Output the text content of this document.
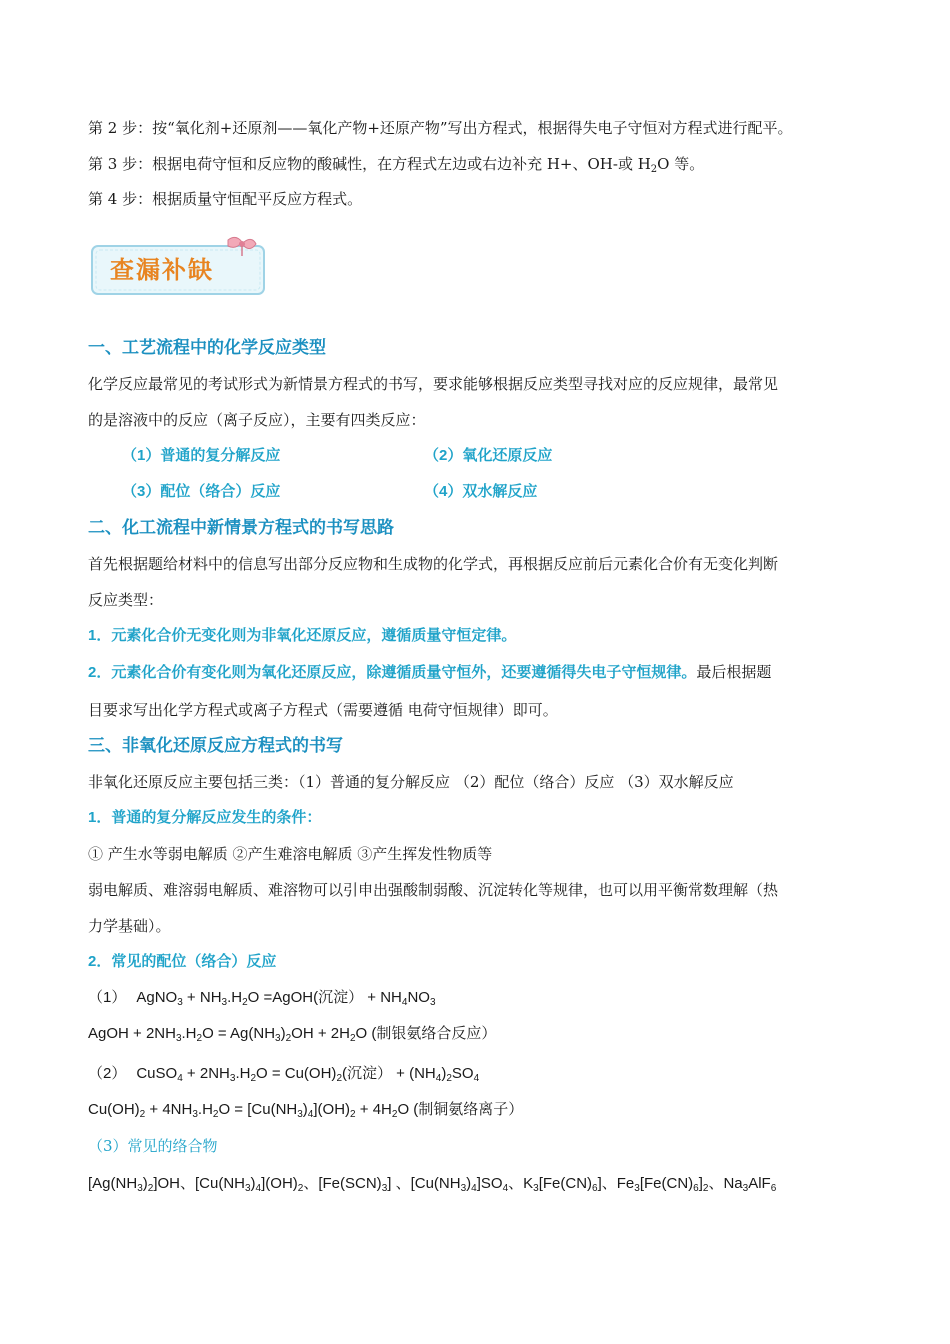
第 2 步：按“氧化剂+还原剂——氧化产物+还原产物”写出方程式，根据得失电子守恒对方程式进行配平。
第 3 步：根据电荷守恒和反应物的酸碱性，在方程式左边或右边补充 H+、OH-或 $H_2O$ 等。
第 4 步：根据质量守恒配平反应方程式。
查漏补缺
一、工艺流程中的化学反应类型
化学反应最常见的考试形式为新情景方程式的书写，要求能够根据反应类型寻找对应的反应规律，最常见
的是溶液中的反应（离子反应），主要有四类反应：
（1）普通的复分解反应	（2）氧化还原反应
（3）配位（络合）反应	（4）双水解反应
二、化工流程中新情景方程式的书写思路
首先根据题给材料中的信息写出部分反应物和生成物的化学式，再根据反应前后元素化合价有无变化判断
反应类型：
1．元素化合价无变化则为非氧化还原反应，遵循质量守恒定律。
2．元素化合价有变化则为氧化还原反应，除遵循质量守恒外，还要遵循得失电子守恒规律。最后根据题
目要求写出化学方程式或离子方程式（需要遵循 电荷守恒规律）即可。
三、非氧化还原反应方程式的书写
非氧化还原反应主要包括三类：（1）普通的复分解反应 （2）配位（络合）反应 （3）双水解反应
1．普通的复分解反应发生的条件：
① 产生水等弱电解质 ②产生难溶电解质 ③产生挥发性物质等
弱电解质、难溶弱电解质、难溶物可以引申出强酸制弱酸、沉淀转化等规律，也可以用平衡常数理解（热
力学基础）。
2．常见的配位（络合）反应
（1） AgNO$_3$ + $NH_3.H_2O$ =AgOH(沉淀） + $NH_4NO_3$
AgOH + $2NH_3.H_2O = Ag(NH_3)_2OH + 2H_2O$ (制银氨络合反应）
（2） CuSO$_4$ + $2NH_3.H_2O = Cu(OH)_2$(沉淀） + $(NH_4)_2SO_4$
$Cu(OH)_2 + 4NH_3.H_2O = [Cu(NH_3)_4](OH)_2 + 4H_2O$ (制铜氨络离子）
（3）常见的络合物
$[Ag(NH_3)_2]OH$、$[Cu(NH_3)_4](OH)_2$、$[Fe(SCN)_3]$ 、$[Cu(NH_3)_4]SO_4$、$K_3[Fe(CN)_6]$、$Fe_3[Fe(CN)_6]_2$、$Na_3AlF_6$
